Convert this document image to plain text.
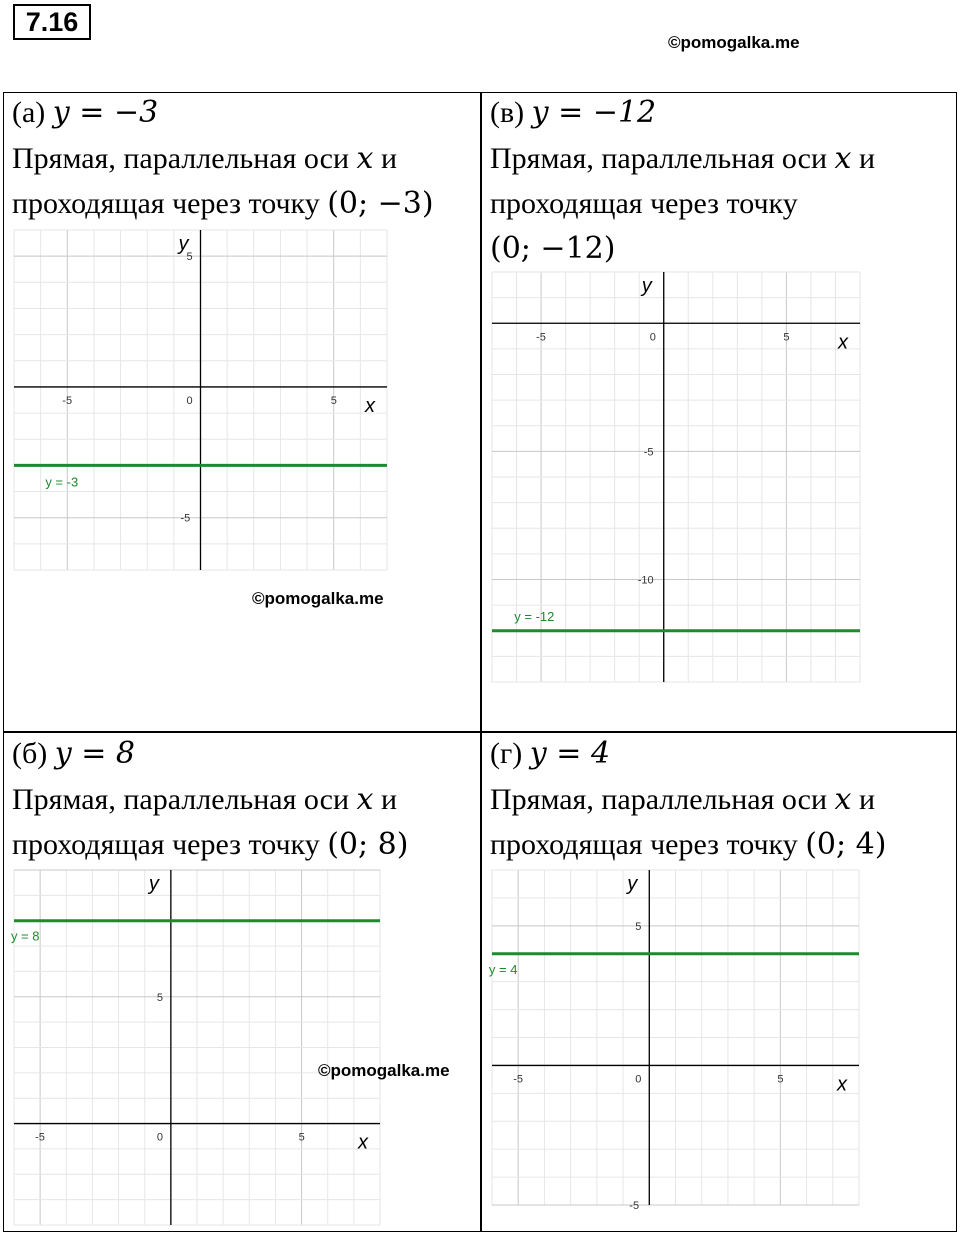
7.16
©pomogalka.me
(а) y = −3
Прямая, параллельная оси x и
проходящая через точку (0; −3)
-5	0	5
5
-5
x
y
y = -3
©pomogalka.me
(в) y = −12
Прямая, параллельная оси x и
проходящая через точку
(0; −12)
-5	0	5
-5
-10
x
y
y = -12
(б) y = 8
Прямая, параллельная оси x и
проходящая через точку (0; 8)
-5	0	5
5
x
y
y = 8
©pomogalka.me
(г) y = 4
Прямая, параллельная оси x и
проходящая через точку (0; 4)
-5	0	5
5
-5
x
y
y = 4
